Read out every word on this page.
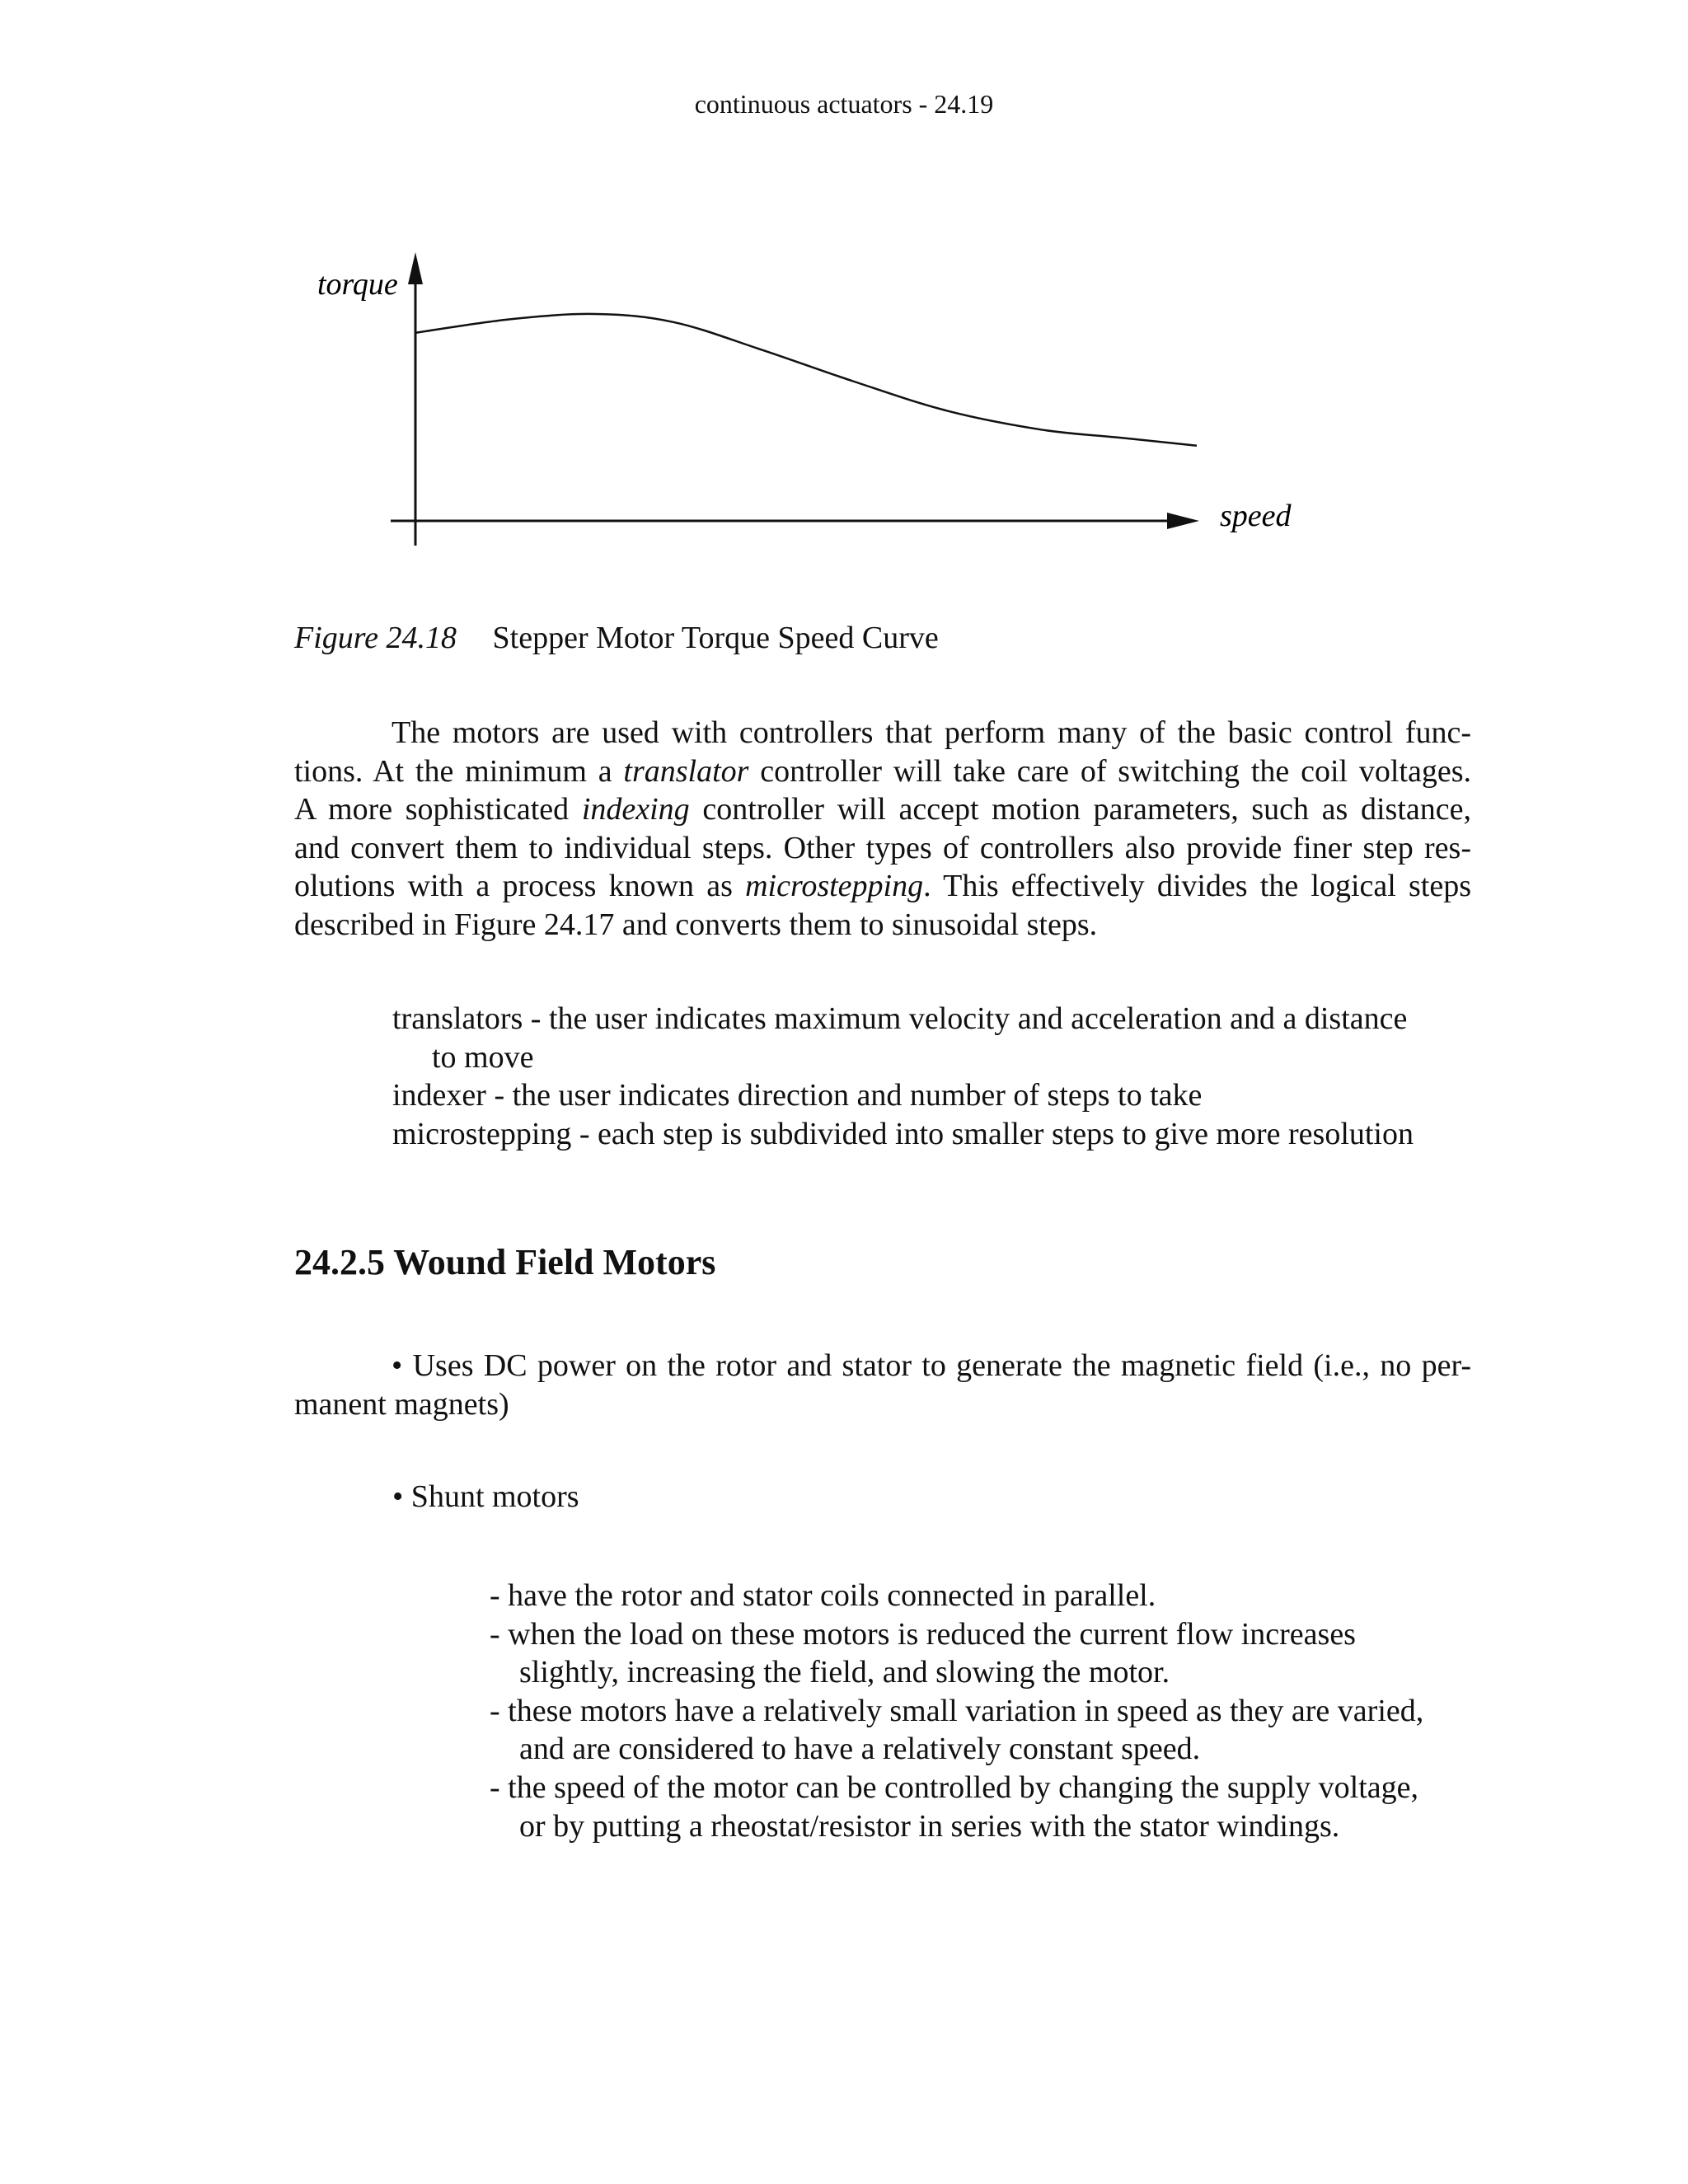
continuous actuators - 24.19
torque
speed
Figure 24.18 Stepper Motor Torque Speed Curve
The motors are used with controllers that perform many of the basic control func-
tions. At the minimum a translator controller will take care of switching the coil voltages.
A more sophisticated indexing controller will accept motion parameters, such as distance,
and convert them to individual steps. Other types of controllers also provide finer step res-
olutions with a process known as microstepping. This effectively divides the logical steps
described in Figure 24.17 and converts them to sinusoidal steps.
translators - the user indicates maximum velocity and acceleration and a distance
to move
indexer - the user indicates direction and number of steps to take
microstepping - each step is subdivided into smaller steps to give more resolution
24.2.5 Wound Field Motors
• Uses DC power on the rotor and stator to generate the magnetic field (i.e., no per-
manent magnets)
• Shunt motors
- have the rotor and stator coils connected in parallel.
- when the load on these motors is reduced the current flow increases
slightly, increasing the field, and slowing the motor.
- these motors have a relatively small variation in speed as they are varied,
and are considered to have a relatively constant speed.
- the speed of the motor can be controlled by changing the supply voltage,
or by putting a rheostat/resistor in series with the stator windings.
